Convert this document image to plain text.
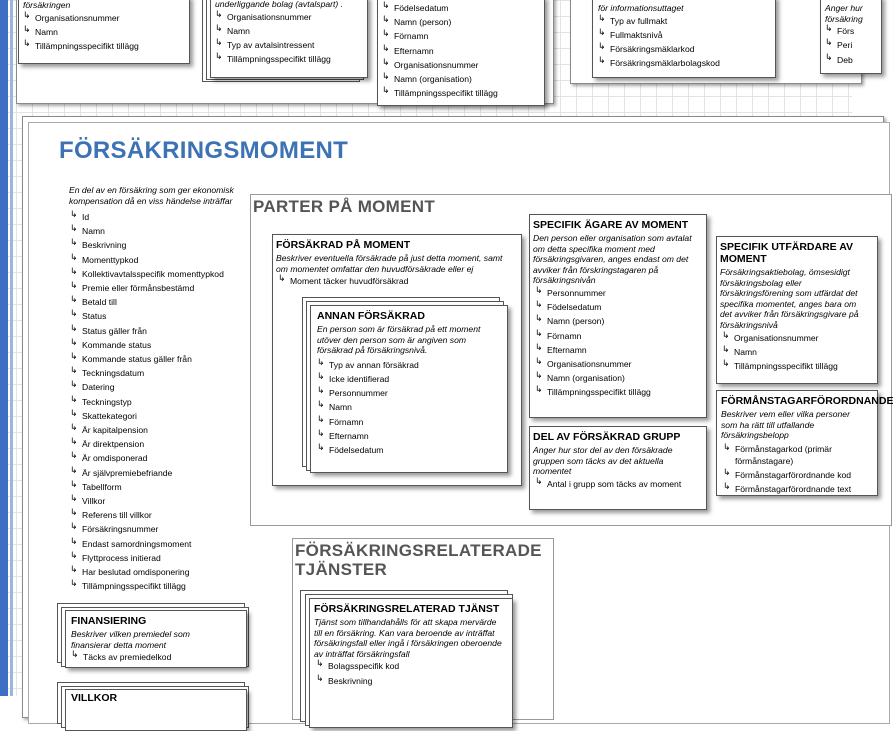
försäkringen
↳ Organisationsnummer
↳ Namn
↳ Tillämpningsspecifikt tillägg
underliggande bolag (avtalspart) .
↳ Organisationsnummer
↳ Namn
↳ Typ av avtalsintressent
↳ Tillämpningsspecifikt tillägg
↳ Födelsedatum
↳ Namn (person)
↳ Förnamn
↳ Efternamn
↳ Organisationsnummer
↳ Namn (organisation)
↳ Tillämpningsspecifikt tillägg
för informationsuttaget
↳ Typ av fullmakt
↳ Fullmaktsnivå
↳ Försäkringsmäklarkod
↳ Försäkringsmäklarbolagskod
Anger hur försäkring
↳ Förs
↳ Peri
↳ Deb
FÖRSÄKRINGSMOMENT
En del av en försäkring som ger ekonomisk kompensation då en viss händelse inträffar
↳ Id
↳ Namn
↳ Beskrivning
↳ Momenttypkod
↳ Kollektivavtalsspecifik momenttypkod
↳ Premie eller förmånsbestämd
↳ Betald till
↳ Status
↳ Status gäller från
↳ Kommande status
↳ Kommande status gäller från
↳ Teckningsdatum
↳ Datering
↳ Teckningstyp
↳ Skattekategori
↳ Är kapitalpension
↳ Är direktpension
↳ Är omdisponerad
↳ Är självpremiebefriande
↳ Tabellform
↳ Villkor
↳ Referens till villkor
↳ Försäkringsnummer
↳ Endast samordningsmoment
↳ Flyttprocess initierad
↳ Har beslutad omdisponering
↳ Tillämpningsspecifikt tillägg
FINANSIERING
Beskriver vilken premiedel som finansierar detta moment
↳ Täcks av premiedelkod
VILLKOR
PARTER PÅ MOMENT
FÖRSÄKRAD PÅ MOMENT
Beskriver eventuella försäkrade på just detta moment, samt om momentet omfattar den huvudförsäkrade eller ej
↳ Moment täcker huvudförsäkrad
ANNAN FÖRSÄKRAD
En person som är försäkrad på ett moment utöver den person som är angiven som försäkrad på försäkringsnivå.
↳ Typ av annan försäkrad
↳ Icke identifierad
↳ Personnummer
↳ Namn
↳ Förnamn
↳ Efternamn
↳ Födelsedatum
SPECIFIK ÄGARE AV MOMENT
Den person eller organisation som avtalat om detta specifika moment med försäkringsgivaren, anges endast om det avviker från förskringstagaren på försäkringsnivån
↳ Personnummer
↳ Födelsedatum
↳ Namn (person)
↳ Förnamn
↳ Efternamn
↳ Organisationsnummer
↳ Namn (organisation)
↳ Tillämpningsspecifikt tillägg
DEL AV FÖRSÄKRAD GRUPP
Anger hur stor del av den försäkrade gruppen som täcks av det aktuella momentet
↳ Antal i grupp som täcks av moment
SPECIFIK UTFÄRDARE AV MOMENT
Försäkringsaktiebolag, ömsesidigt försäkringsbolag eller försäkringsförening som utfärdat det specifika momentet, anges bara om det avviker från försäkringsgivare på försäkringsnivå
↳ Organisationsnummer
↳ Namn
↳ Tillämpningsspecifikt tillägg
FÖRMÅNSTAGARFÖRORDNANDE
Beskriver vem eller vilka personer som ha rätt till utfallande försäkringsbelopp
↳ Förmånstagarkod (primär förmånstagare)
↳ Förmånstagarförordnande kod
↳ Förmånstagarförordnande text
FÖRSÄKRINGSRELATERADE TJÄNSTER
FÖRSÄKRINGSRELATERAD TJÄNST
Tjänst som tillhandahålls för att skapa mervärde till en försäkring. Kan vara beroende av inträffat försäkringsfall eller ingå i försäkringen oberoende av inträffat försäkringsfall
↳ Bolagsspecifik kod
↳ Beskrivning
